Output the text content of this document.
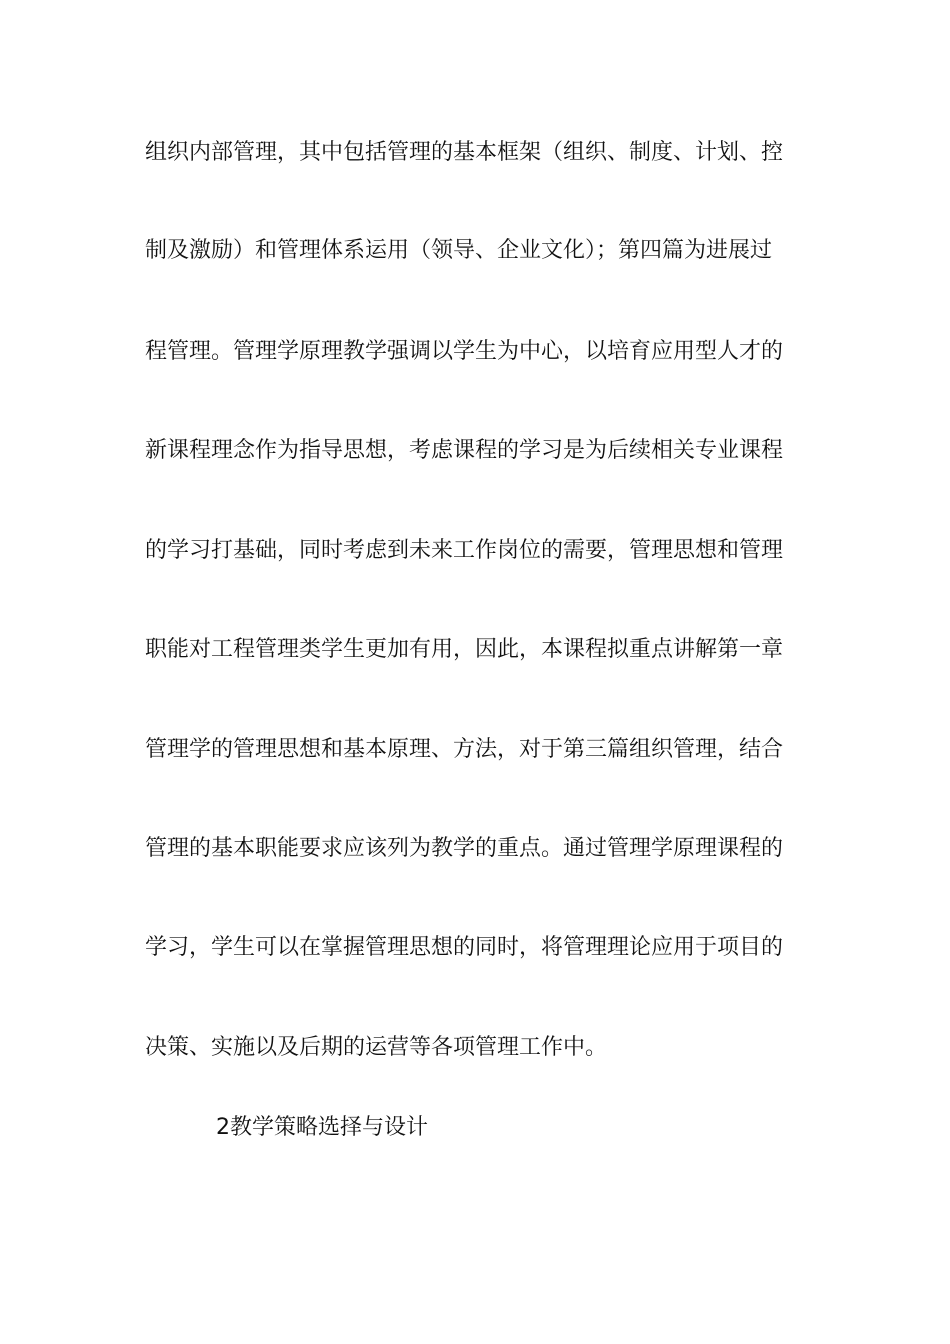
组织内部管理，其中包括管理的基本框架（组织、制度、计划、控
制及激励）和管理体系运用（领导、企业文化）；第四篇为进展过
程管理。管理学原理教学强调以学生为中心，以培育应用型人才的
新课程理念作为指导思想，考虑课程的学习是为后续相关专业课程
的学习打基础，同时考虑到未来工作岗位的需要，管理思想和管理
职能对工程管理类学生更加有用，因此，本课程拟重点讲解第一章
管理学的管理思想和基本原理、方法，对于第三篇组织管理，结合
管理的基本职能要求应该列为教学的重点。通过管理学原理课程的
学习，学生可以在掌握管理思想的同时，将管理理论应用于项目的
决策、实施以及后期的运营等各项管理工作中。
2教学策略选择与设计
